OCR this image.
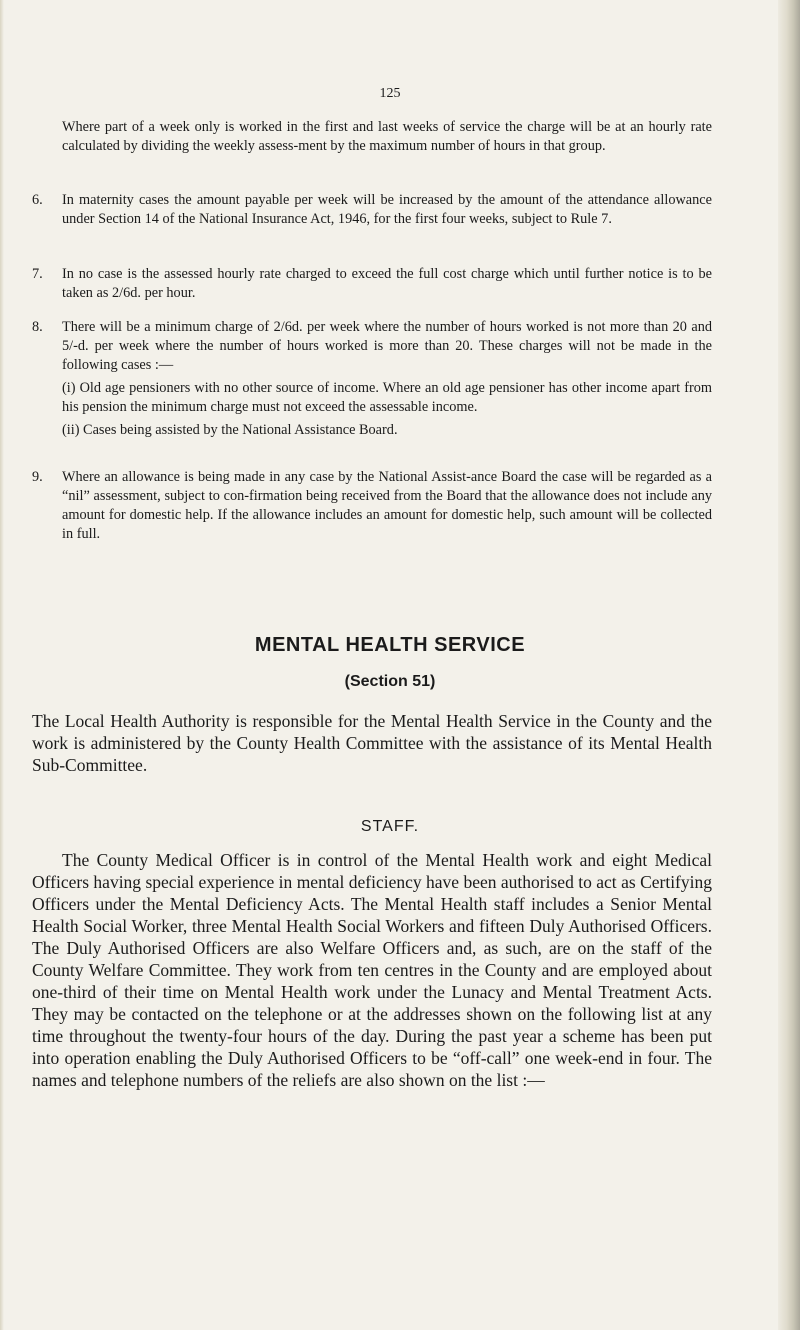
125

Where part of a week only is worked in the first and last weeks of service the charge will be at an hourly rate calculated by dividing the weekly assess-ment by the maximum number of hours in that group.

6. In maternity cases the amount payable per week will be increased by the amount of the attendance allowance under Section 14 of the National Insurance Act, 1946, for the first four weeks, subject to Rule 7.

7. In no case is the assessed hourly rate charged to exceed the full cost charge which until further notice is to be taken as 2/6d. per hour.

8. There will be a minimum charge of 2/6d. per week where the number of hours worked is not more than 20 and 5/-d. per week where the number of hours worked is more than 20. These charges will not be made in the following cases :—

(i) Old age pensioners with no other source of income. Where an old age pensioner has other income apart from his pension the minimum charge must not exceed the assessable income.

(ii) Cases being assisted by the National Assistance Board.

9. Where an allowance is being made in any case by the National Assist-ance Board the case will be regarded as a “nil” assessment, subject to con-firmation being received from the Board that the allowance does not include any amount for domestic help. If the allowance includes an amount for domestic help, such amount will be collected in full.

MENTAL HEALTH SERVICE
(Section 51)

The Local Health Authority is responsible for the Mental Health Service in the County and the work is administered by the County Health Committee with the assistance of its Mental Health Sub-Committee.

STAFF.

The County Medical Officer is in control of the Mental Health work and eight Medical Officers having special experience in mental deficiency have been authorised to act as Certifying Officers under the Mental Deficiency Acts. The Mental Health staff includes a Senior Mental Health Social Worker, three Mental Health Social Workers and fifteen Duly Authorised Officers. The Duly Authorised Officers are also Welfare Officers and, as such, are on the staff of the County Welfare Committee. They work from ten centres in the County and are employed about one-third of their time on Mental Health work under the Lunacy and Mental Treatment Acts. They may be contacted on the telephone or at the addresses shown on the following list at any time throughout the twenty-four hours of the day. During the past year a scheme has been put into operation enabling the Duly Authorised Officers to be “off-call” one week-end in four. The names and telephone numbers of the reliefs are also shown on the list :—
